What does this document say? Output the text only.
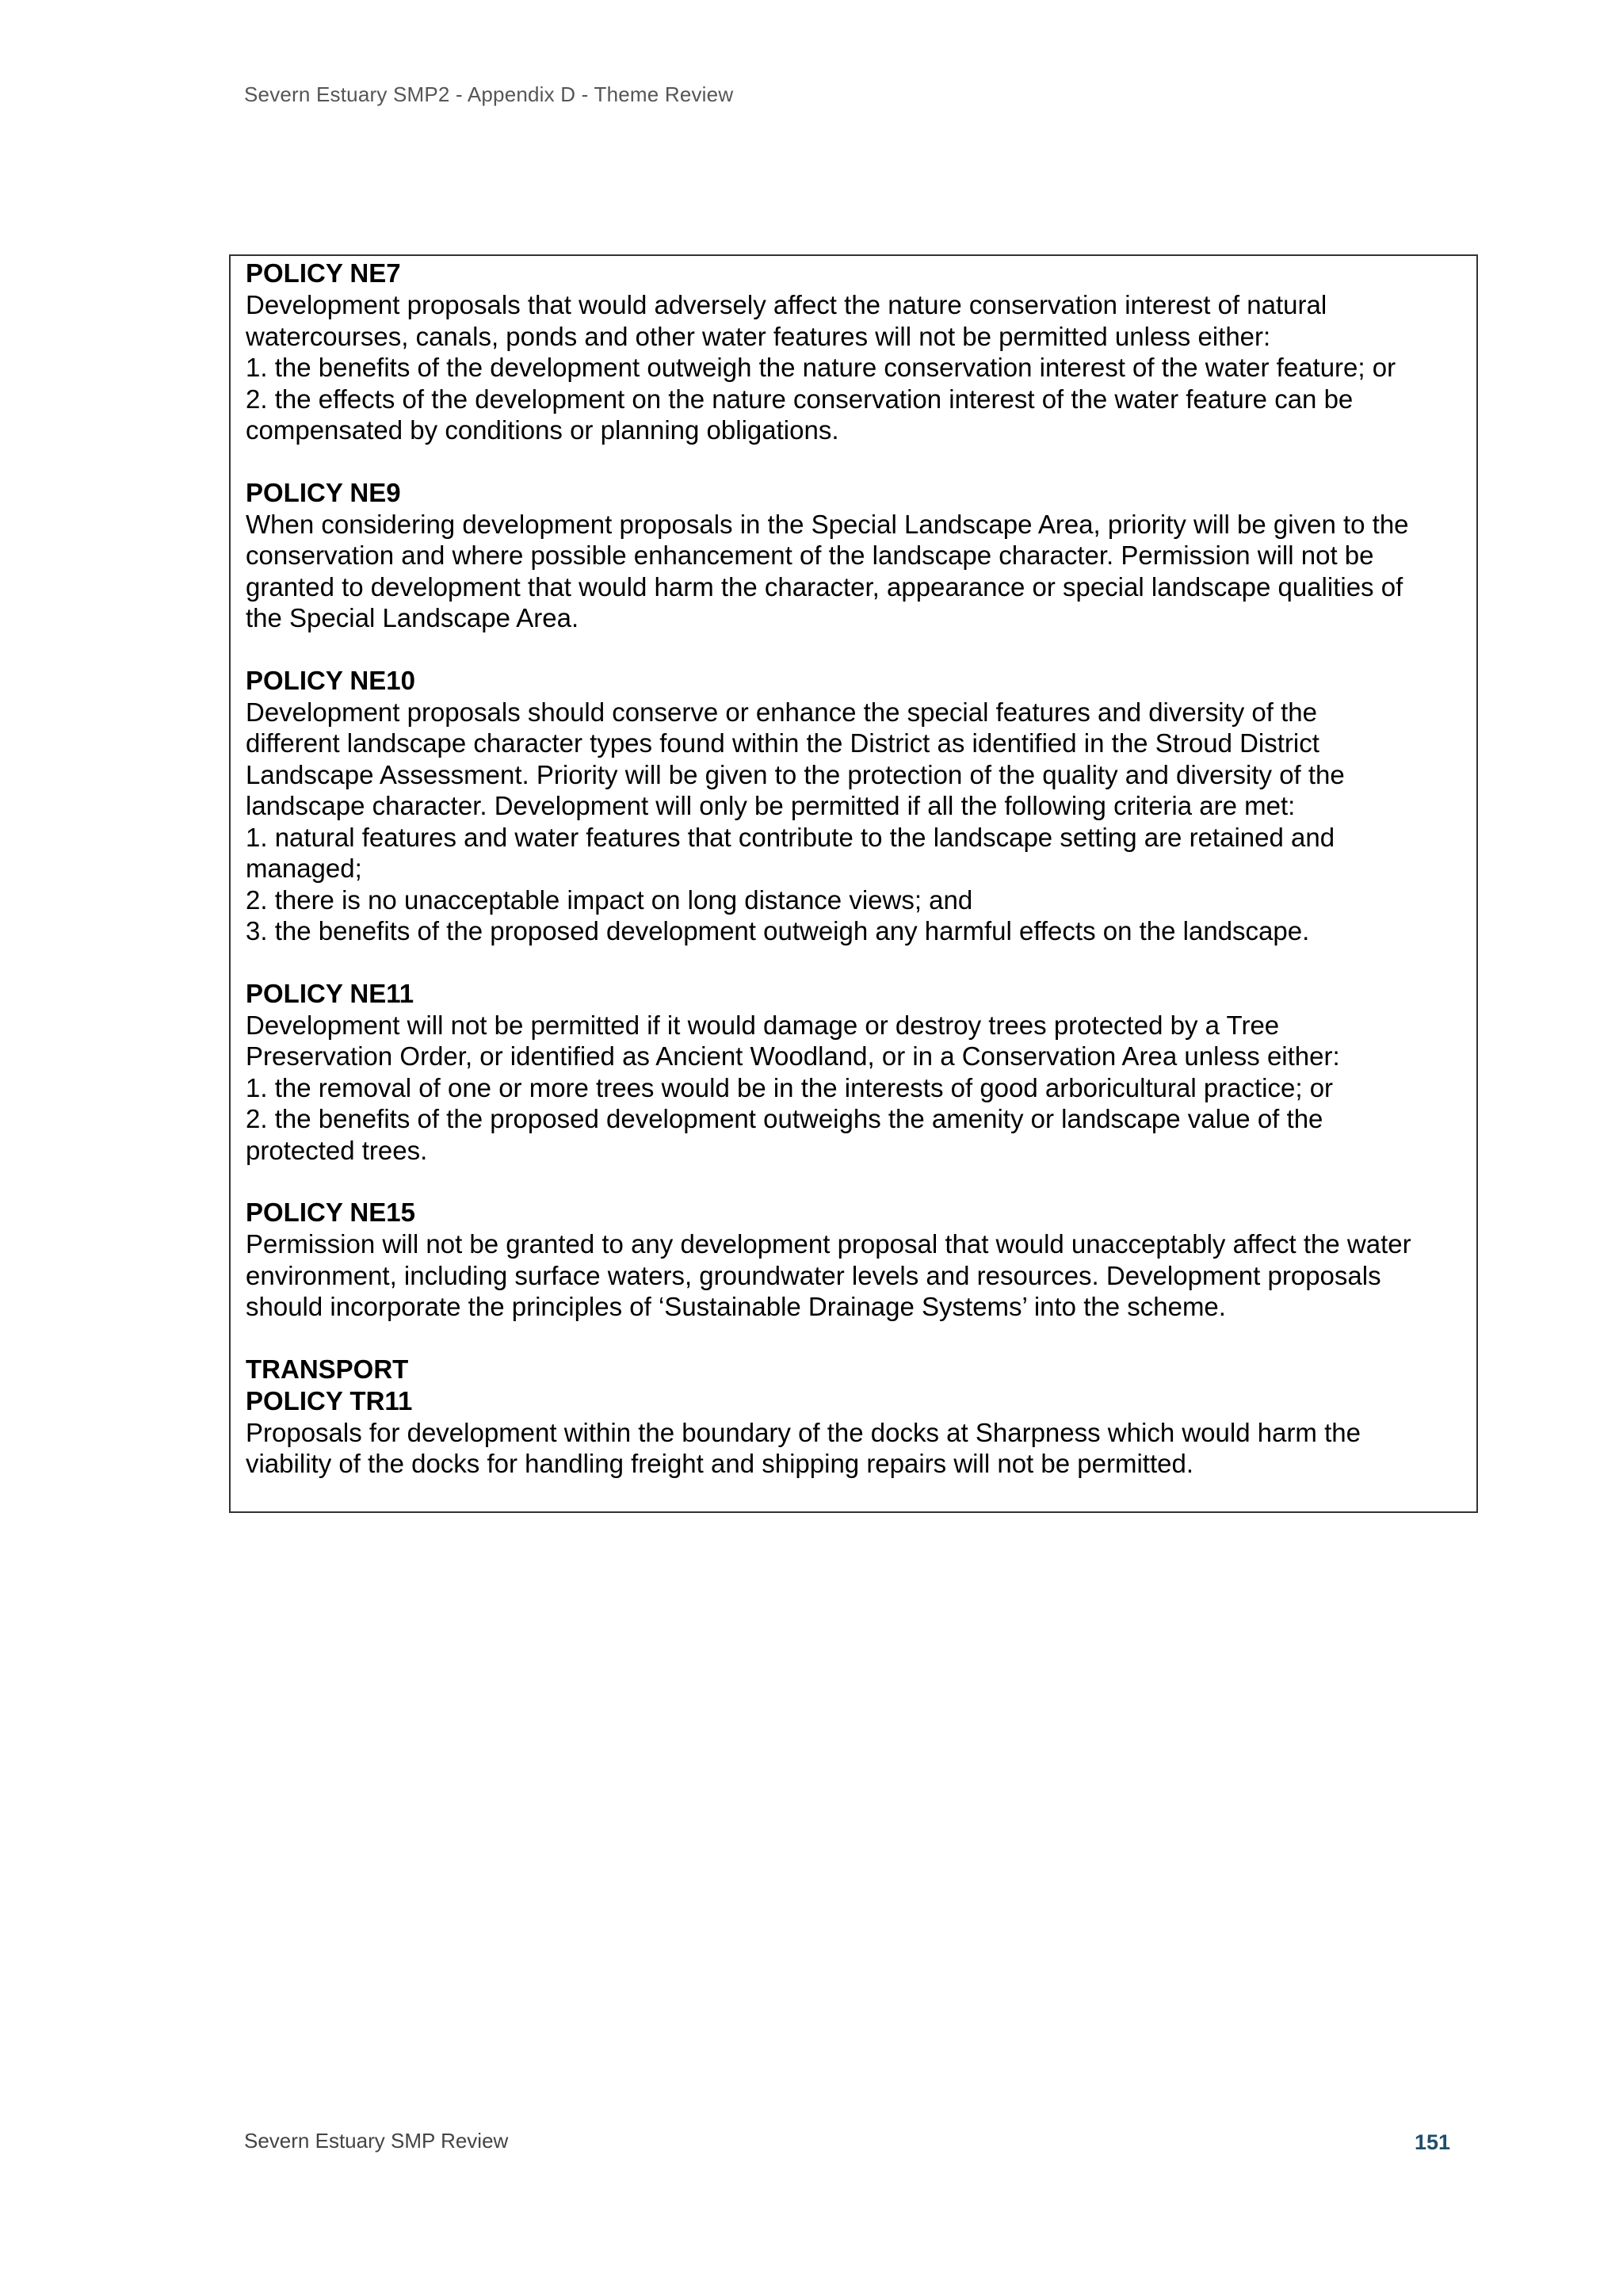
Severn Estuary SMP2 - Appendix D - Theme Review
POLICY NE7
Development proposals that would adversely affect the nature conservation interest of natural
watercourses, canals, ponds and other water features will not be permitted unless either:
1. the benefits of the development outweigh the nature conservation interest of the water feature; or
2. the effects of the development on the nature conservation interest of the water feature can be
compensated by conditions or planning obligations.
POLICY NE9
When considering development proposals in the Special Landscape Area, priority will be given to the
conservation and where possible enhancement of the landscape character. Permission will not be
granted to development that would harm the character, appearance or special landscape qualities of
the Special Landscape Area.
POLICY NE10
Development proposals should conserve or enhance the special features and diversity of the
different landscape character types found within the District as identified in the Stroud District
Landscape Assessment. Priority will be given to the protection of the quality and diversity of the
landscape character. Development will only be permitted if all the following criteria are met:
1. natural features and water features that contribute to the landscape setting are retained and
managed;
2. there is no unacceptable impact on long distance views; and
3. the benefits of the proposed development outweigh any harmful effects on the landscape.
POLICY NE11
Development will not be permitted if it would damage or destroy trees protected by a Tree
Preservation Order, or identified as Ancient Woodland, or in a Conservation Area unless either:
1. the removal of one or more trees would be in the interests of good arboricultural practice; or
2. the benefits of the proposed development outweighs the amenity or landscape value of the
protected trees.
POLICY NE15
Permission will not be granted to any development proposal that would unacceptably affect the water
environment, including surface waters, groundwater levels and resources. Development proposals
should incorporate the principles of ‘Sustainable Drainage Systems’ into the scheme.
TRANSPORT
POLICY TR11
Proposals for development within the boundary of the docks at Sharpness which would harm the
viability of the docks for handling freight and shipping repairs will not be permitted.
Severn Estuary SMP Review	151
